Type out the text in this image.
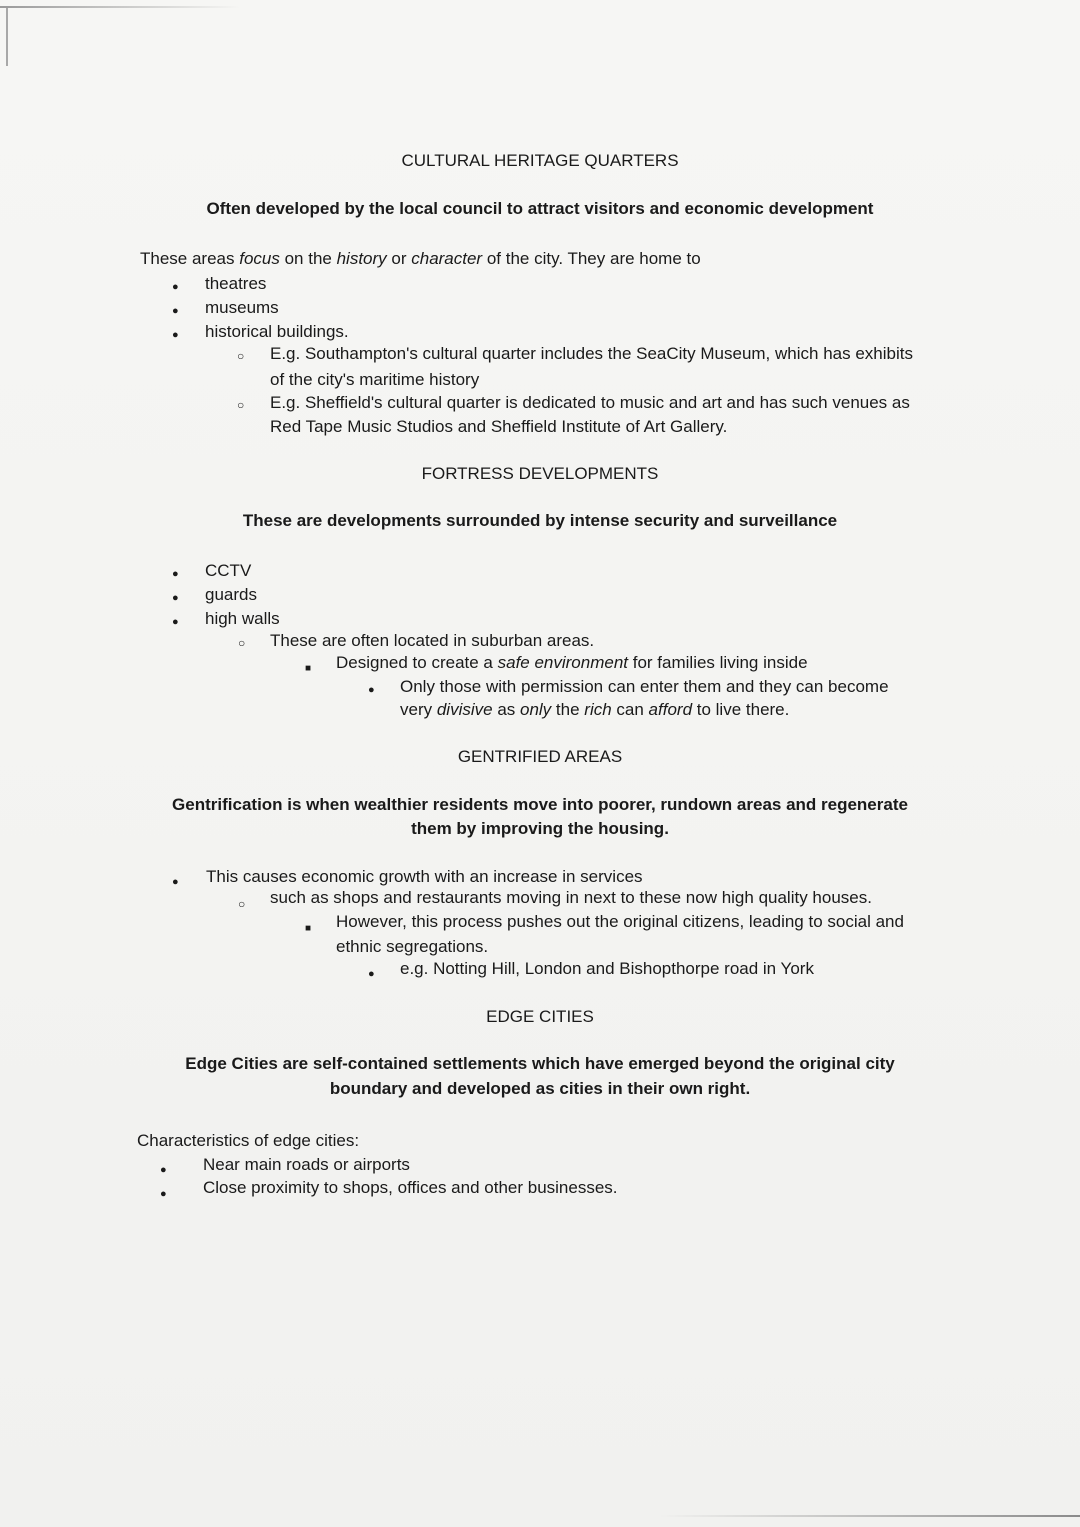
CULTURAL HERITAGE QUARTERS
Often developed by the local council to attract visitors and economic development
These areas focus on the history or character of the city. They are home to
●
theatres
●
museums
●
historical buildings.
○
E.g. Southampton's cultural quarter includes the SeaCity Museum, which has exhibits
of the city's maritime history
○
E.g. Sheffield's cultural quarter is dedicated to music and art and has such venues as
Red Tape Music Studios and Sheffield Institute of Art Gallery.
FORTRESS DEVELOPMENTS
These are developments surrounded by intense security and surveillance
●
CCTV
●
guards
●
high walls
○
These are often located in suburban areas.
■
Designed to create a safe environment for families living inside
●
Only those with permission can enter them and they can become
very divisive as only the rich can afford to live there.
GENTRIFIED AREAS
Gentrification is when wealthier residents move into poorer, rundown areas and regenerate
them by improving the housing.
●
This causes economic growth with an increase in services
○
such as shops and restaurants moving in next to these now high quality houses.
■
However, this process pushes out the original citizens, leading to social and
ethnic segregations.
●
e.g. Notting Hill, London and Bishopthorpe road in York
EDGE CITIES
Edge Cities are self-contained settlements which have emerged beyond the original city
boundary and developed as cities in their own right.
Characteristics of edge cities:
●
Near main roads or airports
●
Close proximity to shops, offices and other businesses.
